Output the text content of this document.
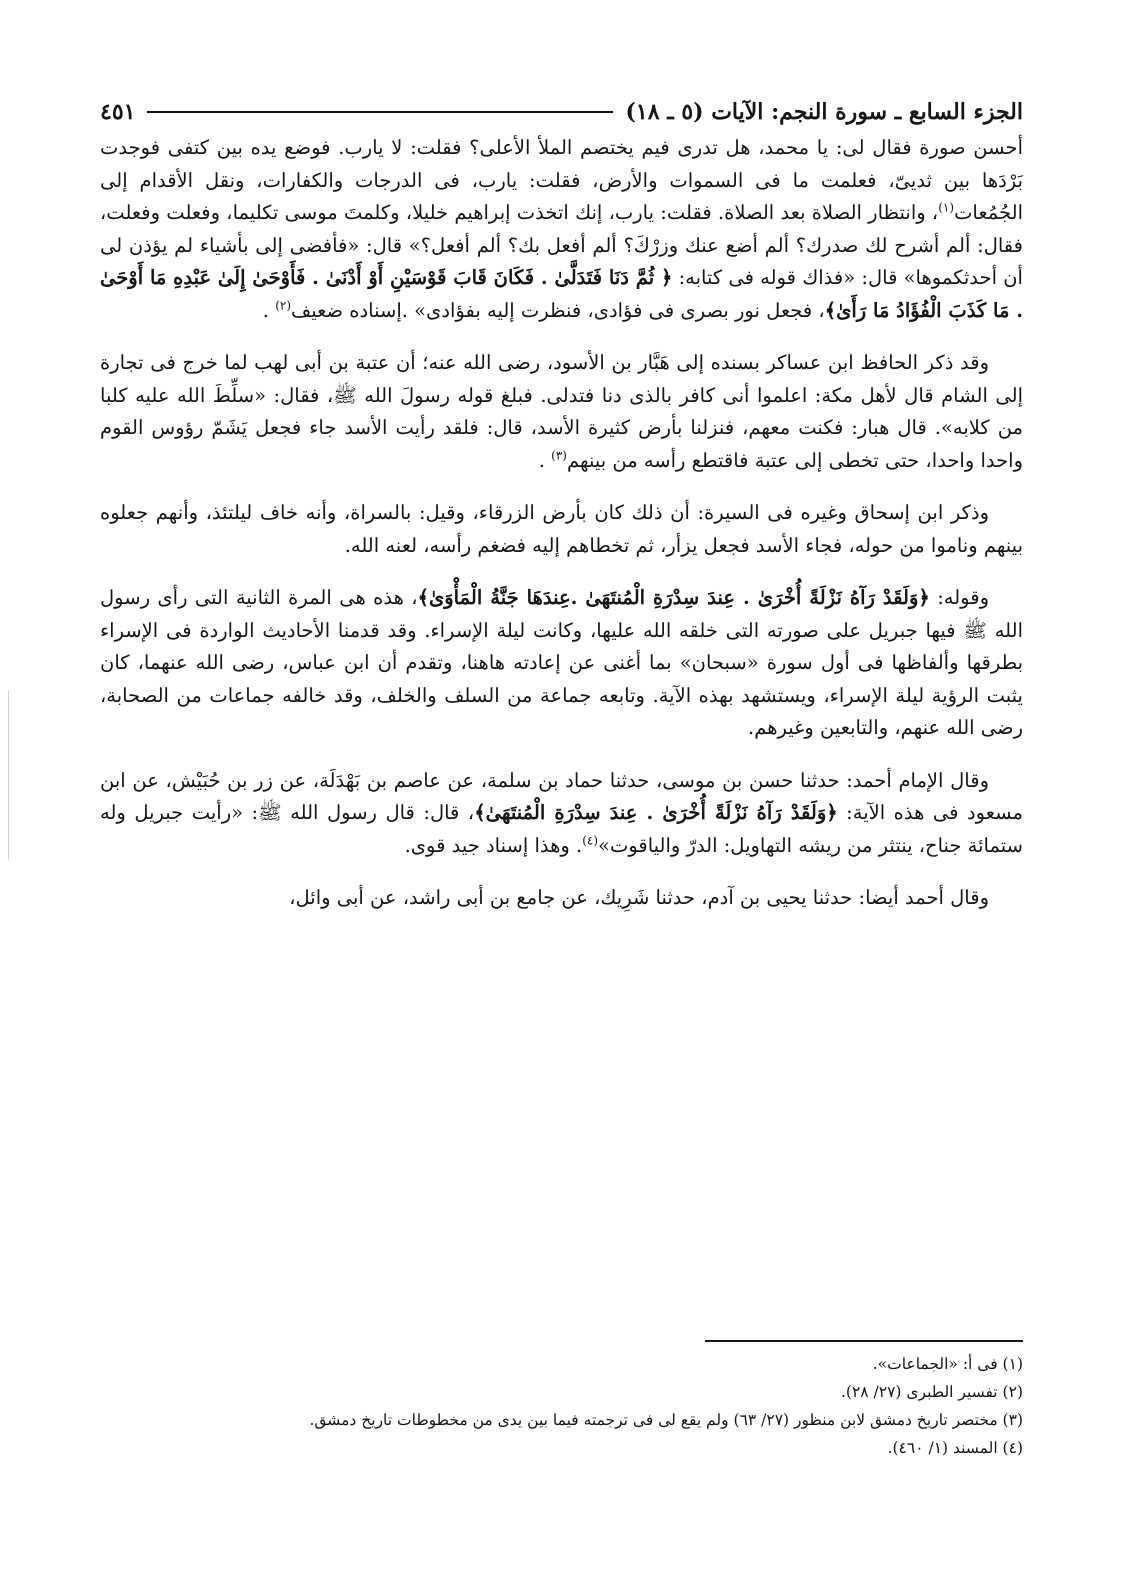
الجزء السابع ـ سورة النجم: الآيات (٥ ـ ١٨)
٤٥١

أحسن صورة فقال لى: يا محمد، هل تدرى فيم يختصم الملأ الأعلى؟ فقلت: لا يارب. فوضع يده بين كتفى فوجدت بَرْدَها بين ثديىّ، فعلمت ما فى السموات والأرض، فقلت: يارب، فى الدرجات والكفارات، ونقل الأقدام إلى الجُمُعات$^{(١)}$، وانتظار الصلاة بعد الصلاة. فقلت: يارب، إنك اتخذت إبراهيم خليلا، وكلمتَ موسى تكليما، وفعلت وفعلت، فقال: ألم أشرح لك صدرك؟ ألم أضع عنك وزرْكَ؟ ألم أفعل بك؟ ألم أفعل؟» قال: «فأفضى إلى بأشياء لم يؤذن لى أن أحدثكموها» قال: «فذاك قوله فى كتابه: ﴿ ثُمَّ دَنَا فَتَدَلَّىٰ . فَكَانَ قَابَ قَوْسَيْنِ أَوْ أَدْنَىٰ . فَأَوْحَىٰ إِلَىٰ عَبْدِهِ مَا أَوْحَىٰ . مَا كَذَبَ الْفُؤَادُ مَا رَأَىٰ﴾، فجعل نور بصرى فى فؤادى، فنظرت إليه بفؤادى» .إسناده ضعيف$^{(٢)}$ .

وقد ذكر الحافظ ابن عساكر بسنده إلى هَبَّار بن الأسود، رضى الله عنه؛ أن عتبة بن أبى لهب لما خرج فى تجارة إلى الشام قال لأهل مكة: اعلموا أنى كافر بالذى دنا فتدلى. فبلغ قوله رسولَ الله ﷺ، فقال: «سلِّطَ الله عليه كلبا من كلابه». قال هبار: فكنت معهم، فنزلنا بأرض كثيرة الأسد، قال: فلقد رأيت الأسد جاء فجعل يَشَمّ رؤوس القوم واحدا واحدا، حتى تخطى إلى عتبة فاقتطع رأسه من بينهم$^{(٣)}$ .

وذكر ابن إسحاق وغيره فى السيرة: أن ذلك كان بأرض الزرقاء، وقيل: بالسراة، وأنه خاف ليلتئذ، وأنهم جعلوه بينهم وناموا من حوله، فجاء الأسد فجعل يزأر، ثم تخطاهم إليه فضغم رأسه، لعنه الله.

وقوله: ﴿وَلَقَدْ رَآهُ نَزْلَةً أُخْرَىٰ . عِندَ سِدْرَةِ الْمُنتَهَىٰ .عِندَهَا جَنَّةُ الْمَأْوَىٰ﴾، هذه هى المرة الثانية التى رأى رسول الله ﷺ فيها جبريل على صورته التى خلقه الله عليها، وكانت ليلة الإسراء. وقد قدمنا الأحاديث الواردة فى الإسراء بطرقها وألفاظها فى أول سورة «سبحان» بما أغنى عن إعادته هاهنا، وتقدم أن ابن عباس، رضى الله عنهما، كان يثبت الرؤية ليلة الإسراء، ويستشهد بهذه الآية. وتابعه جماعة من السلف والخلف، وقد خالفه جماعات من الصحابة، رضى الله عنهم، والتابعين وغيرهم.

وقال الإمام أحمد: حدثنا حسن بن موسى، حدثنا حماد بن سلمة، عن عاصم بن بَهْدَلَة، عن زر بن حُبَيْش، عن ابن مسعود فى هذه الآية: ﴿وَلَقَدْ رَآهُ نَزْلَةً أُخْرَىٰ . عِندَ سِدْرَةِ الْمُنتَهَىٰ﴾، قال: قال رسول الله ﷺ: «رأيت جبريل وله ستمائة جناح، ينتثر من ريشه التهاويل: الدرّ والياقوت»$^{(٤)}$. وهذا إسناد جيد قوى.

وقال أحمد أيضا: حدثنا يحيى بن آدم، حدثنا شَرِيك، عن جامع بن أبى راشد، عن أبى وائل،

(١) فى أ: «الجماعات».

(٢) تفسير الطبرى (٢٧/ ٢٨).

(٣) مختصر تاريخ دمشق لابن منظور (٢٧/ ٦٣) ولم يقع لى فى ترجمته فيما بين يدى من مخطوطات تاريخ دمشق.

(٤) المسند (١/ ٤٦٠).
